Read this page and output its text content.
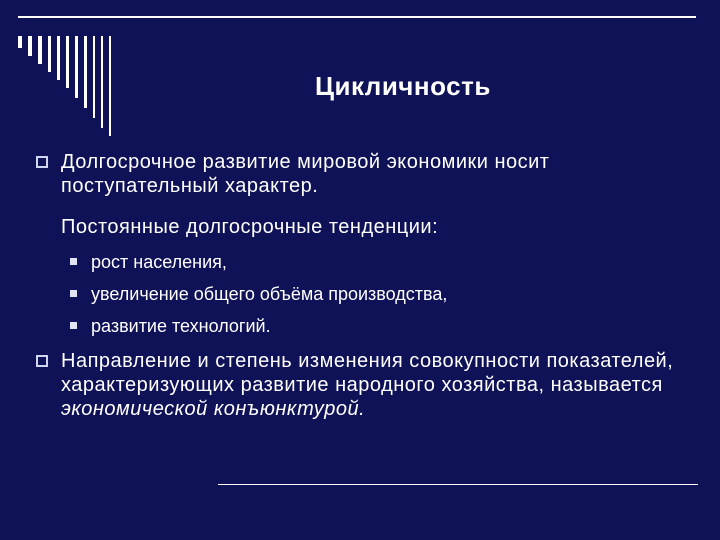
Цикличность
Долгосрочное развитие мировой экономики носит поступательный характер.
Постоянные долгосрочные тенденции:
рост населения,
увеличение общего объёма производства,
развитие технологий.
Направление и степень изменения совокупности показателей, характеризующих развитие народного хозяйства, называется экономической конъюнктурой.
